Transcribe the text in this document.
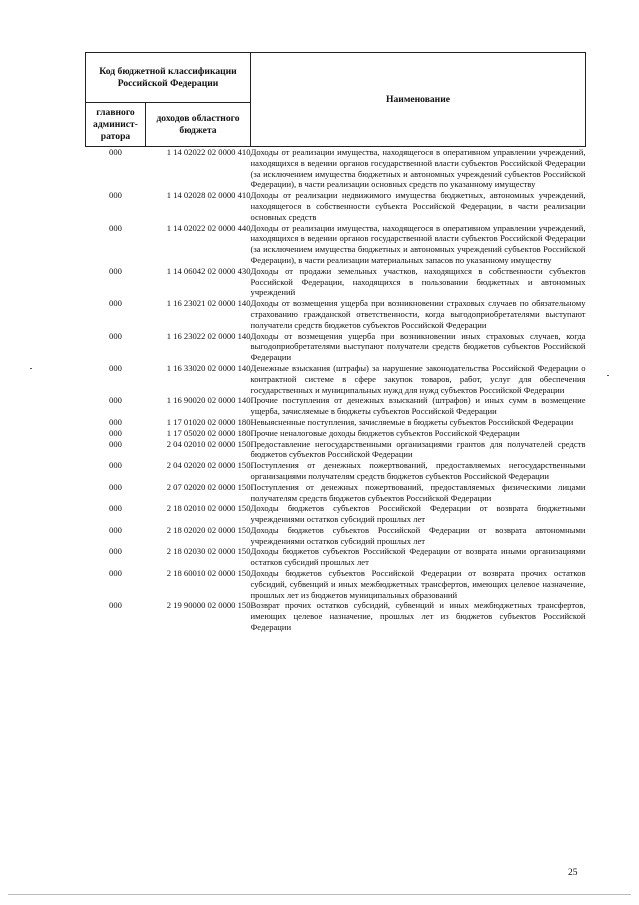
Код бюджетной классификации Российской Федерации		Наименование
главного админист- ратора	доходов областного бюджета	
000	1 14 02022 02 0000 410	Доходы от реализации имущества, находящегося в оперативном управлении учреждений, находящихся в ведении органов государственной власти субъектов Российской Федерации (за исключением имущества бюджетных и автономных учреждений субъектов Российской Федерации), в части реализации основных средств по указанному имуществу
000	1 14 02028 02 0000 410	Доходы от реализации недвижимого имущества бюджетных, автономных учреждений, находящегося в собственности субъекта Российской Федерации, в части реализации основных средств
000	1 14 02022 02 0000 440	Доходы от реализации имущества, находящегося в оперативном управлении учреждений, находящихся в ведении органов государственной власти субъектов Российской Федерации (за исключением имущества бюджетных и автономных учреждений субъектов Российской Федерации), в части реализации материальных запасов по указанному имуществу
000	1 14 06042 02 0000 430	Доходы от продажи земельных участков, находящихся в собственности субъектов Российской Федерации, находящихся в пользовании бюджетных и автономных учреждений
000	1 16 23021 02 0000 140	Доходы от возмещения ущерба при возникновении страховых случаев по обязательному страхованию гражданской ответственности, когда выгодоприобретателями выступают получатели средств бюджетов субъектов Российской Федерации
000	1 16 23022 02 0000 140	Доходы от возмещения ущерба при возникновении иных страховых случаев, когда выгодоприобретателями выступают получатели средств бюджетов субъектов Российской Федерации
000	1 16 33020 02 0000 140	Денежные взыскания (штрафы) за нарушение законодательства Российской Федерации о контрактной системе в сфере закупок товаров, работ, услуг для обеспечения государственных и муниципальных нужд для нужд субъектов Российской Федерации
000	1 16 90020 02 0000 140	Прочие поступления от денежных взысканий (штрафов) и иных сумм в возмещение ущерба, зачисляемые в бюджеты субъектов Российской Федерации
000	1 17 01020 02 0000 180	Невыясненные поступления, зачисляемые в бюджеты субъектов Российской Федерации
000	1 17 05020 02 0000 180	Прочие неналоговые доходы бюджетов субъектов Российской Федерации
000	2 04 02010 02 0000 150	Предоставление негосударственными организациями грантов для получателей средств бюджетов субъектов Российской Федерации
000	2 04 02020 02 0000 150	Поступления от денежных пожертвований, предоставляемых негосударственными организациями получателям средств бюджетов субъектов Российской Федерации
000	2 07 02020 02 0000 150	Поступления от денежных пожертвований, предоставляемых физическими лицами получателям средств бюджетов субъектов Российской Федерации
000	2 18 02010 02 0000 150	Доходы бюджетов субъектов Российской Федерации от возврата бюджетными учреждениями остатков субсидий прошлых лет
000	2 18 02020 02 0000 150	Доходы бюджетов субъектов Российской Федерации от возврата автономными учреждениями остатков субсидий прошлых лет
000	2 18 02030 02 0000 150	Доходы бюджетов субъектов Российской Федерации от возврата иными организациями остатков субсидий прошлых лет
000	2 18 60010 02 0000 150	Доходы бюджетов субъектов Российской Федерации от возврата прочих остатков субсидий, субвенций и иных межбюджетных трансфертов, имеющих целевое назначение, прошлых лет из бюджетов муниципальных образований
000	2 19 90000 02 0000 150	Возврат прочих остатков субсидий, субвенций и иных межбюджетных трансфертов, имеющих целевое назначение, прошлых лет из бюджетов субъектов Российской Федерации
25
